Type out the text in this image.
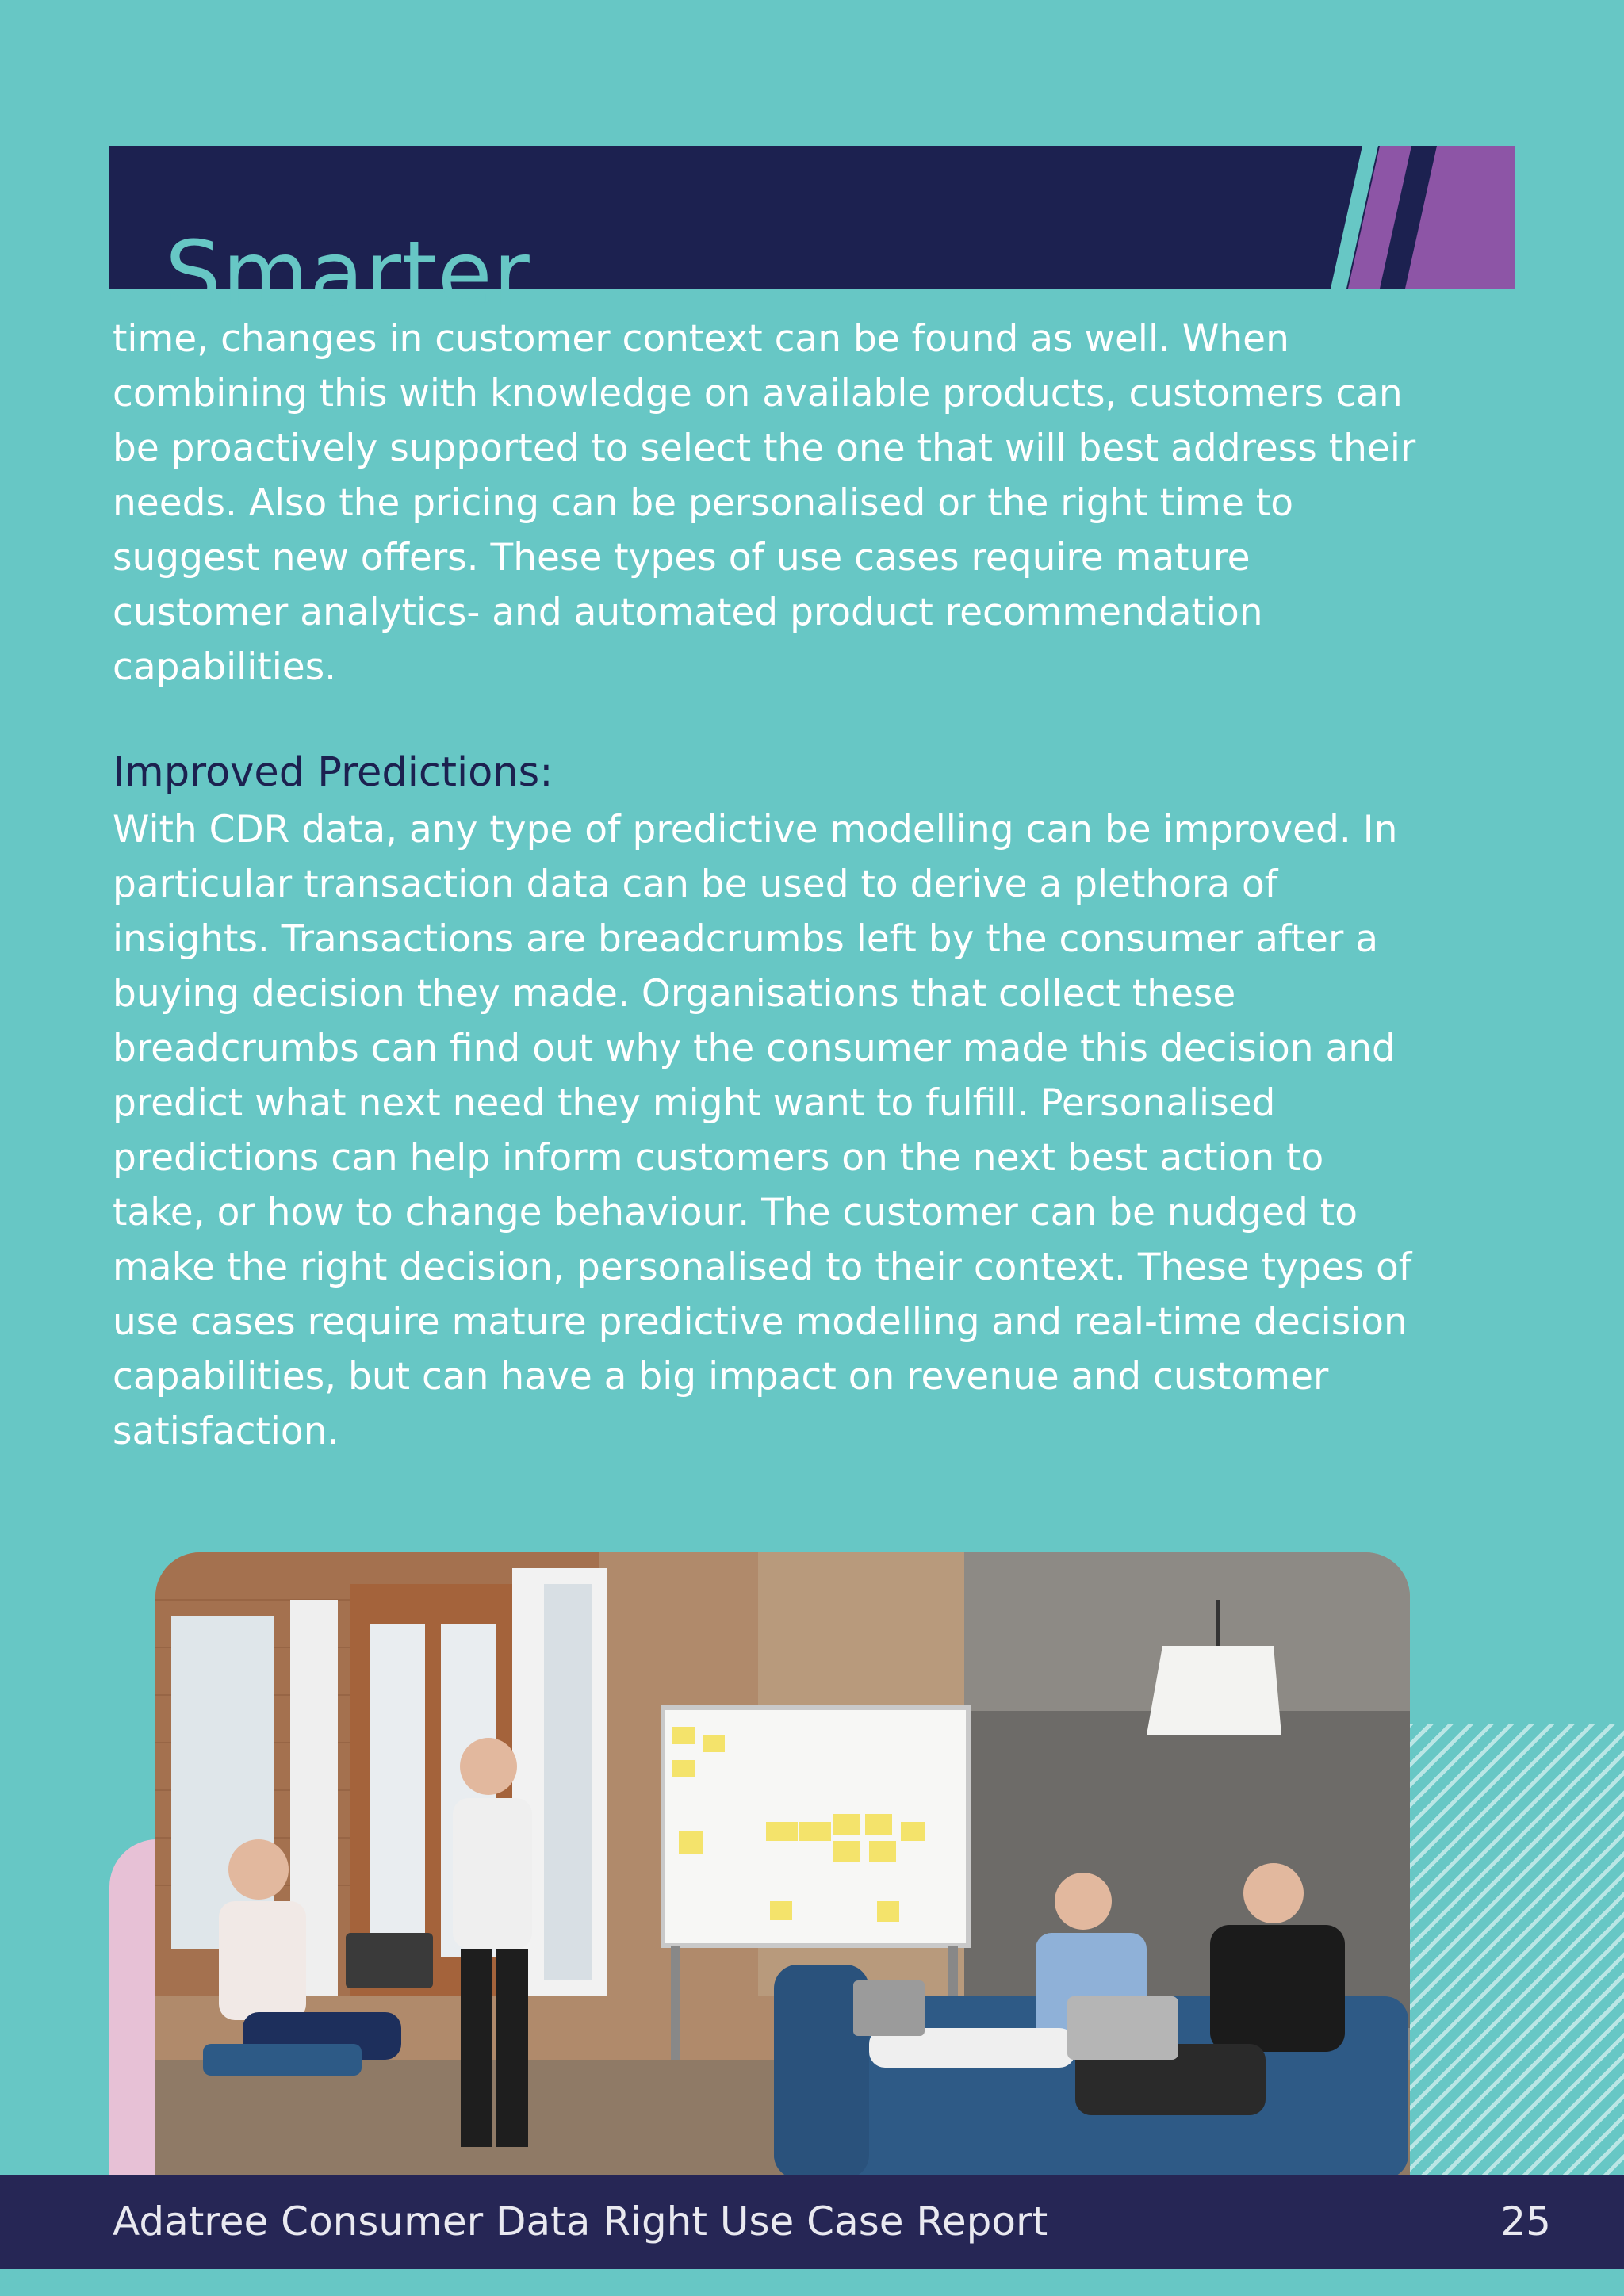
Smarter

time, changes in customer context can be found as well. When
combining this with knowledge on available products, customers can
be proactively supported to select the one that will best address their
needs. Also the pricing can be personalised or the right time to
suggest new offers. These types of use cases require mature
customer analytics- and automated product recommendation
capabilities.

Improved Predictions:

With CDR data, any type of predictive modelling can be improved. In
particular transaction data can be used to derive a plethora of
insights. Transactions are breadcrumbs left by the consumer after a
buying decision they made. Organisations that collect these
breadcrumbs can find out why the consumer made this decision and
predict what next need they might want to fulfill. Personalised
predictions can help inform customers on the next best action to
take, or how to change behaviour. The customer can be nudged to
make the right decision, personalised to their context. These types of
use cases require mature predictive modelling and real-time decision
capabilities, but can have a big impact on revenue and customer
satisfaction.

Adatree Consumer Data Right Use Case Report	25
